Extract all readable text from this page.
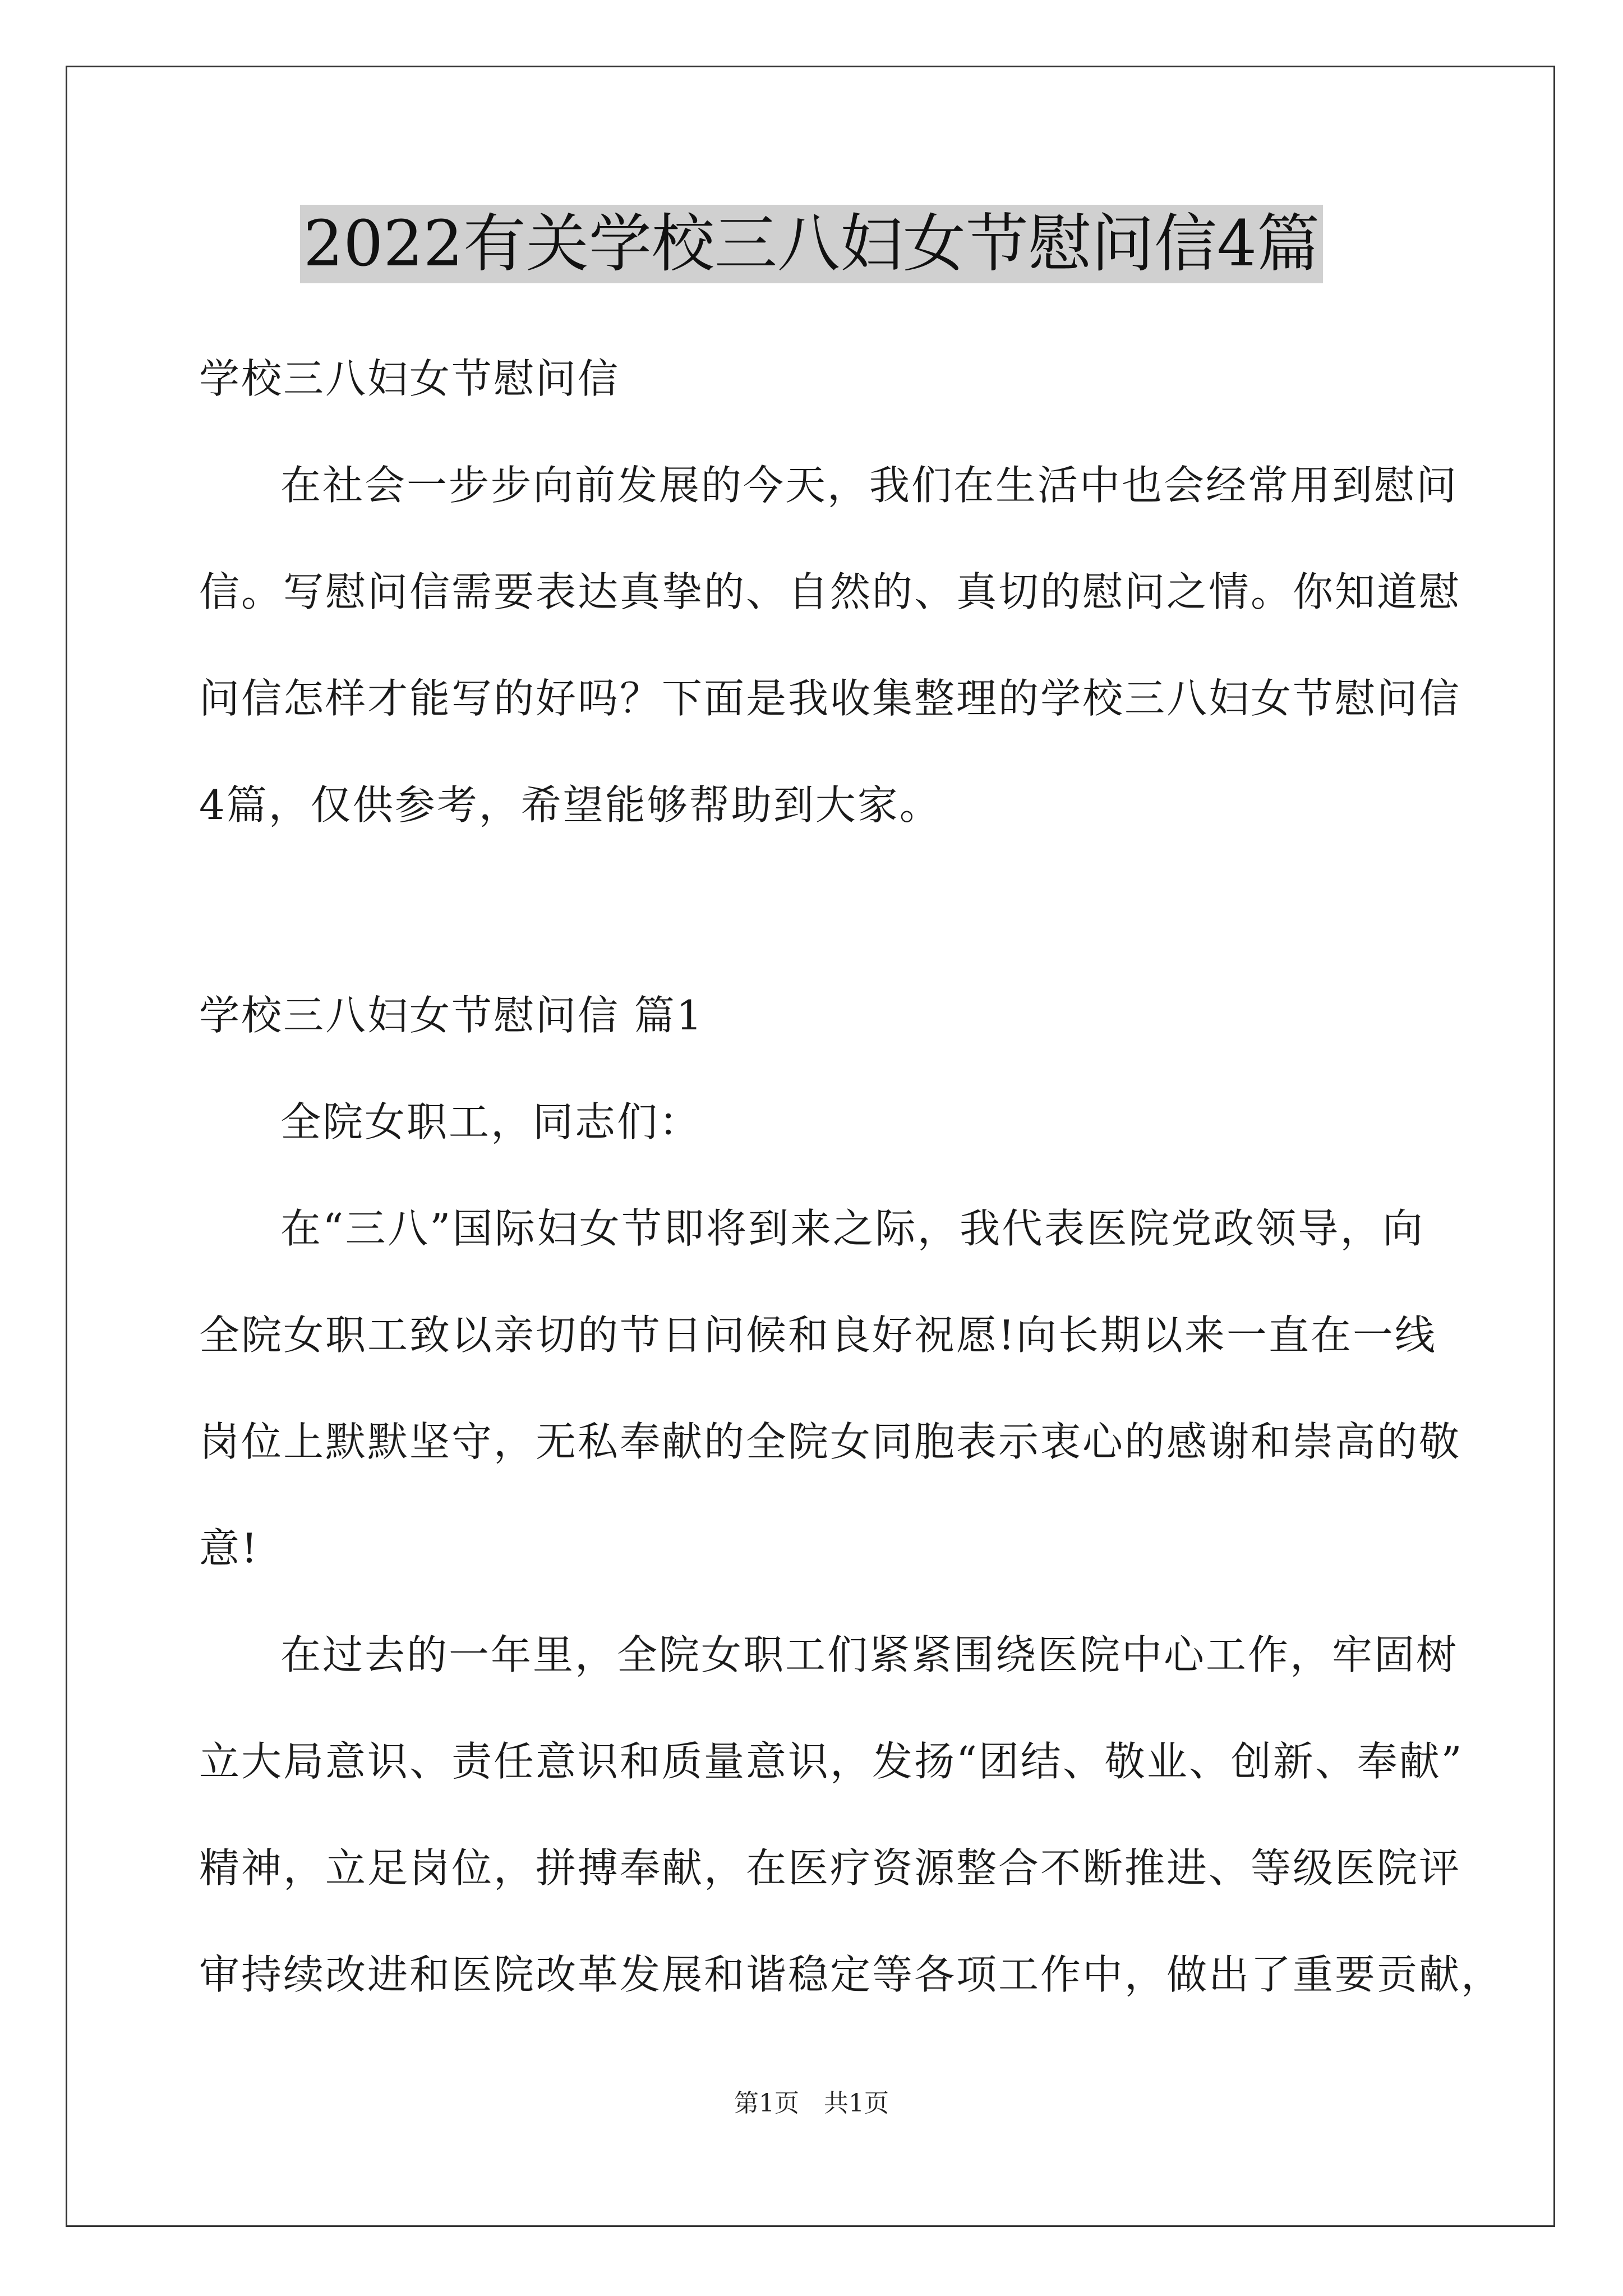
2022有关学校三八妇女节慰问信4篇
学校三八妇女节慰问信
在社会一步步向前发展的今天，我们在生活中也会经常用到慰问
信。写慰问信需要表达真挚的、自然的、真切的慰问之情。你知道慰
问信怎样才能写的好吗？下面是我收集整理的学校三八妇女节慰问信
4篇，仅供参考，希望能够帮助到大家。
学校三八妇女节慰问信 篇1
全院女职工，同志们：
在“三八”国际妇女节即将到来之际，我代表医院党政领导，向
全院女职工致以亲切的节日问候和良好祝愿!向长期以来一直在一线
岗位上默默坚守，无私奉献的全院女同胞表示衷心的感谢和崇高的敬
意!
在过去的一年里，全院女职工们紧紧围绕医院中心工作，牢固树
立大局意识、责任意识和质量意识，发扬“团结、敬业、创新、奉献”
精神，立足岗位，拼搏奉献，在医疗资源整合不断推进、等级医院评
审持续改进和医院改革发展和谐稳定等各项工作中，做出了重要贡献，
第1页　共1页
